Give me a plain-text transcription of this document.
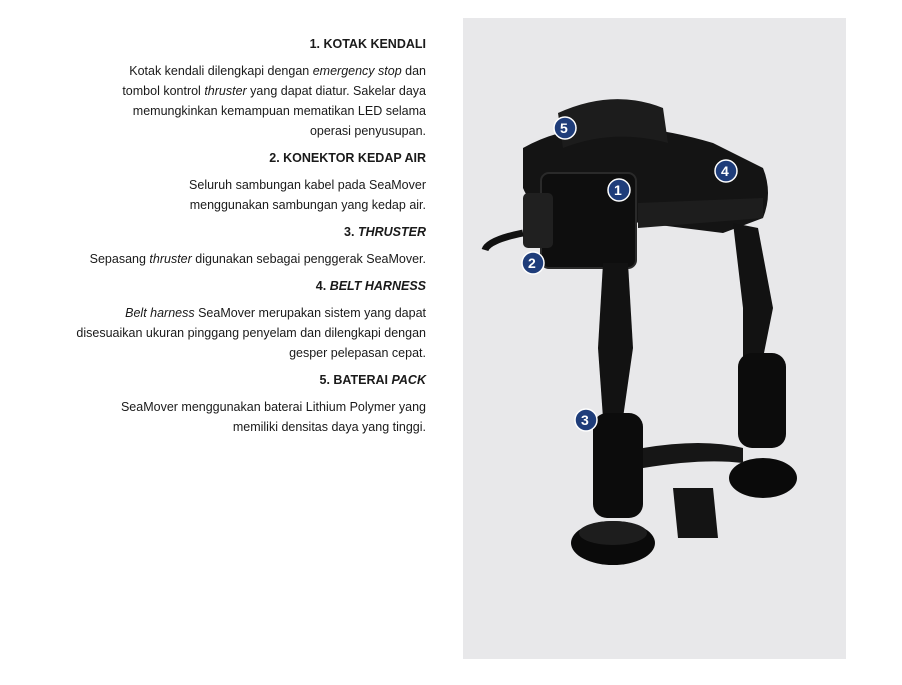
1. KOTAK KENDALI

Kotak kendali dilengkapi dengan emergency stop dan tombol kontrol thruster yang dapat diatur. Sakelar daya memungkinkan kemampuan mematikan LED selama operasi penyusupan.

2. KONEKTOR KEDAP AIR

Seluruh sambungan kabel pada SeaMover menggunakan sambungan yang kedap air.

3. THRUSTER

Sepasang thruster digunakan sebagai penggerak SeaMover.

4. BELT HARNESS

Belt harness SeaMover merupakan sistem yang dapat disesuaikan ukuran pinggang penyelam dan dilengkapi dengan gesper pelepasan cepat.

5. BATERAI PACK

SeaMover menggunakan baterai Lithium Polymer yang memiliki densitas daya yang tinggi.

1
2
3
4
5
